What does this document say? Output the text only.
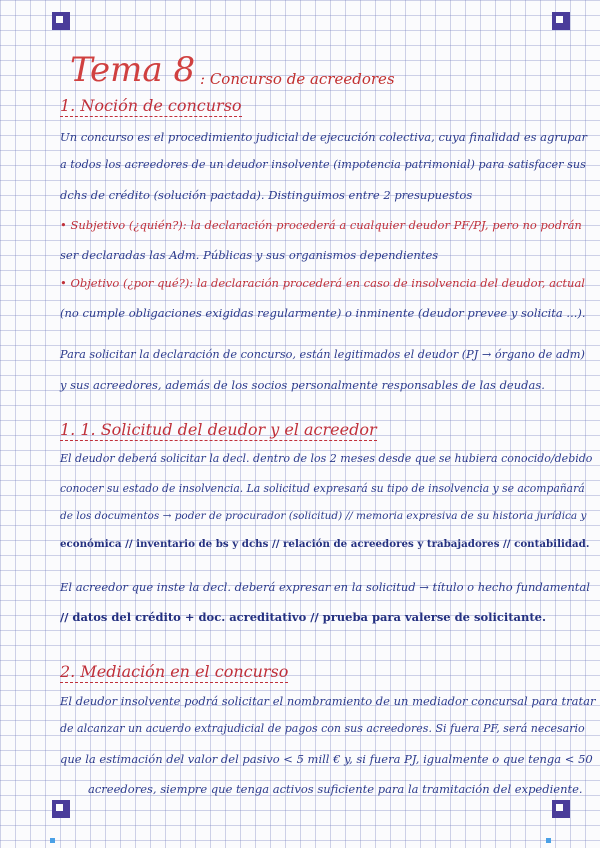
Tema 8 : Concurso de acreedores
1. Noción de concurso
Un concurso es el procedimiento judicial de ejecución colectiva, cuya finalidad es agrupar
a todos los acreedores de un deudor insolvente (impotencia patrimonial) para satisfacer sus
dchs de crédito (solución pactada). Distinguimos entre 2 presupuestos
• Subjetivo (¿quién?): la declaración procederá a cualquier deudor PF/PJ, pero no podrán
ser declaradas las Adm. Públicas y sus organismos dependientes
• Objetivo (¿por qué?): la declaración procederá en caso de insolvencia del deudor, actual
(no cumple obligaciones exigidas regularmente) o inminente (deudor prevee y solicita ...).
Para solicitar la declaración de concurso, están legitimados el deudor (PJ → órgano de adm)
y sus acreedores, además de los socios personalmente responsables de las deudas.
1. 1. Solicitud del deudor y el acreedor
El deudor deberá solicitar la decl. dentro de los 2 meses desde que se hubiera conocido/debido
conocer su estado de insolvencia. La solicitud expresará su tipo de insolvencia y se acompañará
de los documentos → poder de procurador (solicitud) // memoria expresiva de su historia jurídica y
económica // inventario de bs y dchs // relación de acreedores y trabajadores // contabilidad.
El acreedor que inste la decl. deberá expresar en la solicitud → título o hecho fundamental
// datos del crédito + doc. acreditativo // prueba para valerse de solicitante.
2. Mediación en el concurso
El deudor insolvente podrá solicitar el nombramiento de un mediador concursal para tratar
de alcanzar un acuerdo extrajudicial de pagos con sus acreedores. Si fuera PF, será necesario
que la estimación del valor del pasivo < 5 mill € y, si fuera PJ, igualmente o que tenga < 50
acreedores, siempre que tenga activos suficiente para la tramitación del expediente.
